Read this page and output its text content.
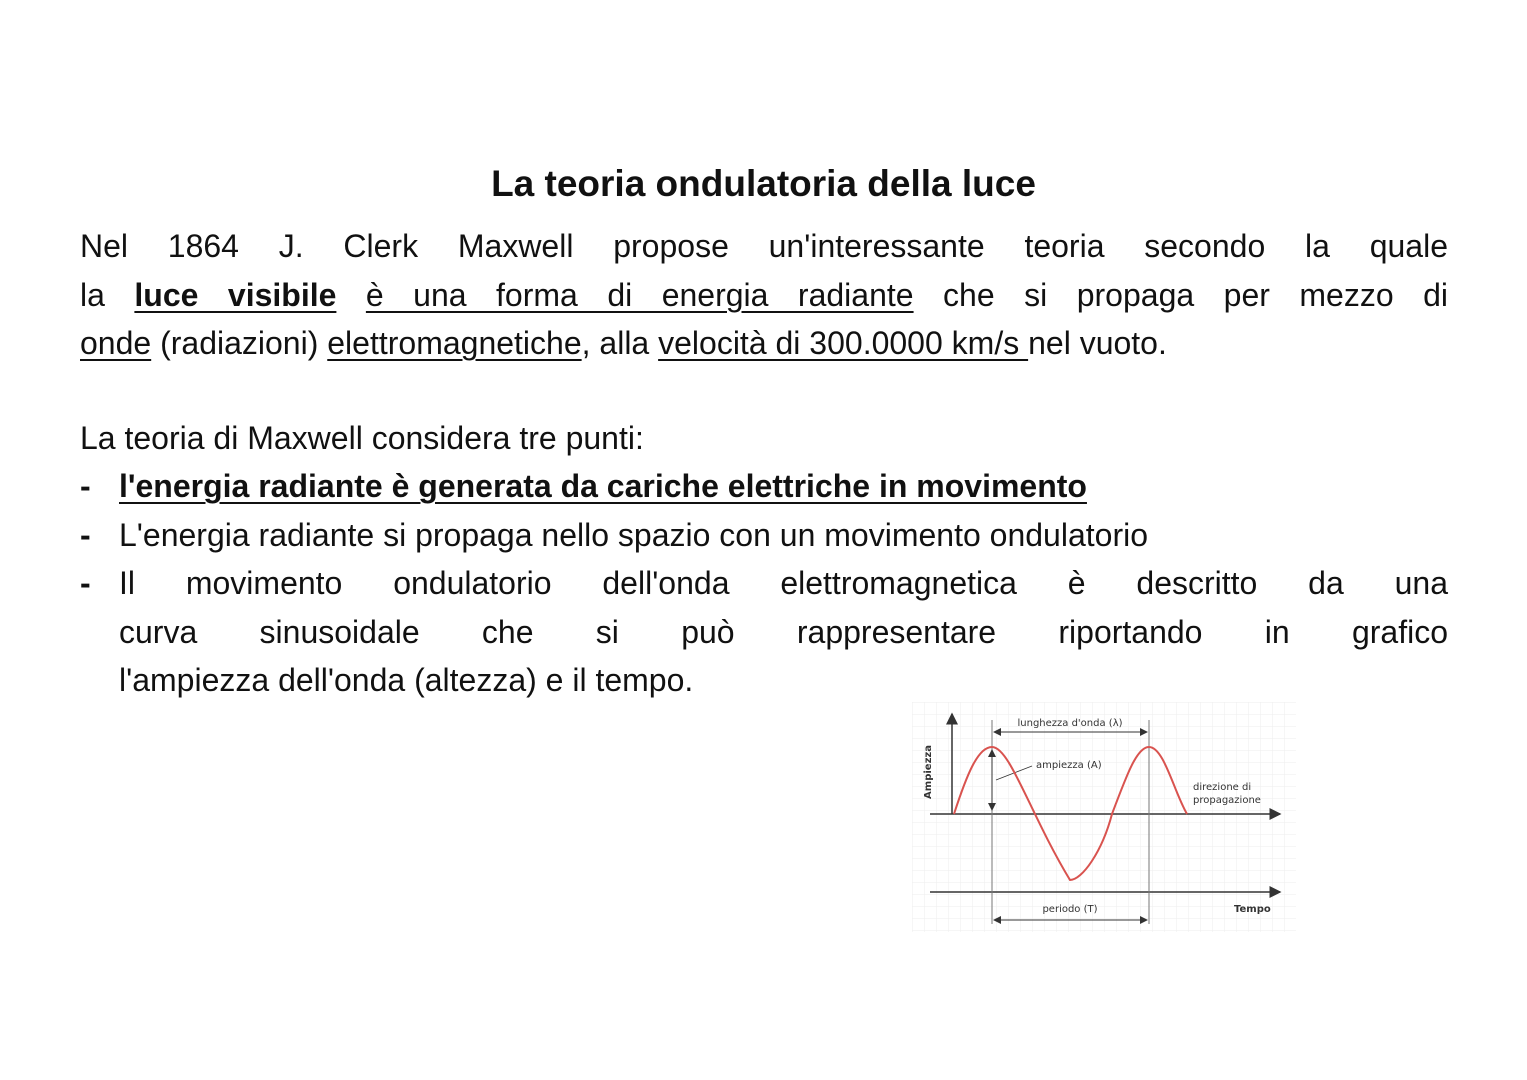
La teoria ondulatoria della luce
Nel 1864 J. Clerk Maxwell propose un'interessante teoria secondo la quale
la luce visibile è una forma di energia radiante che si propaga per mezzo di
onde (radiazioni) elettromagnetiche, alla velocità di 300.0000 km/s nel vuoto.

La teoria di Maxwell considera tre punti:

- l'energia radiante è generata da cariche elettriche in movimento
- L'energia radiante si propaga nello spazio con un movimento ondulatorio
- Il movimento ondulatorio dell'onda elettromagnetica è descritto da una
curva sinusoidale che si può rappresentare riportando in grafico
l'ampiezza dell'onda (altezza) e il tempo.
Ampiezza
lunghezza d'onda (λ)
ampiezza (A)
direzione di
propagazione
periodo (T)	Tempo
